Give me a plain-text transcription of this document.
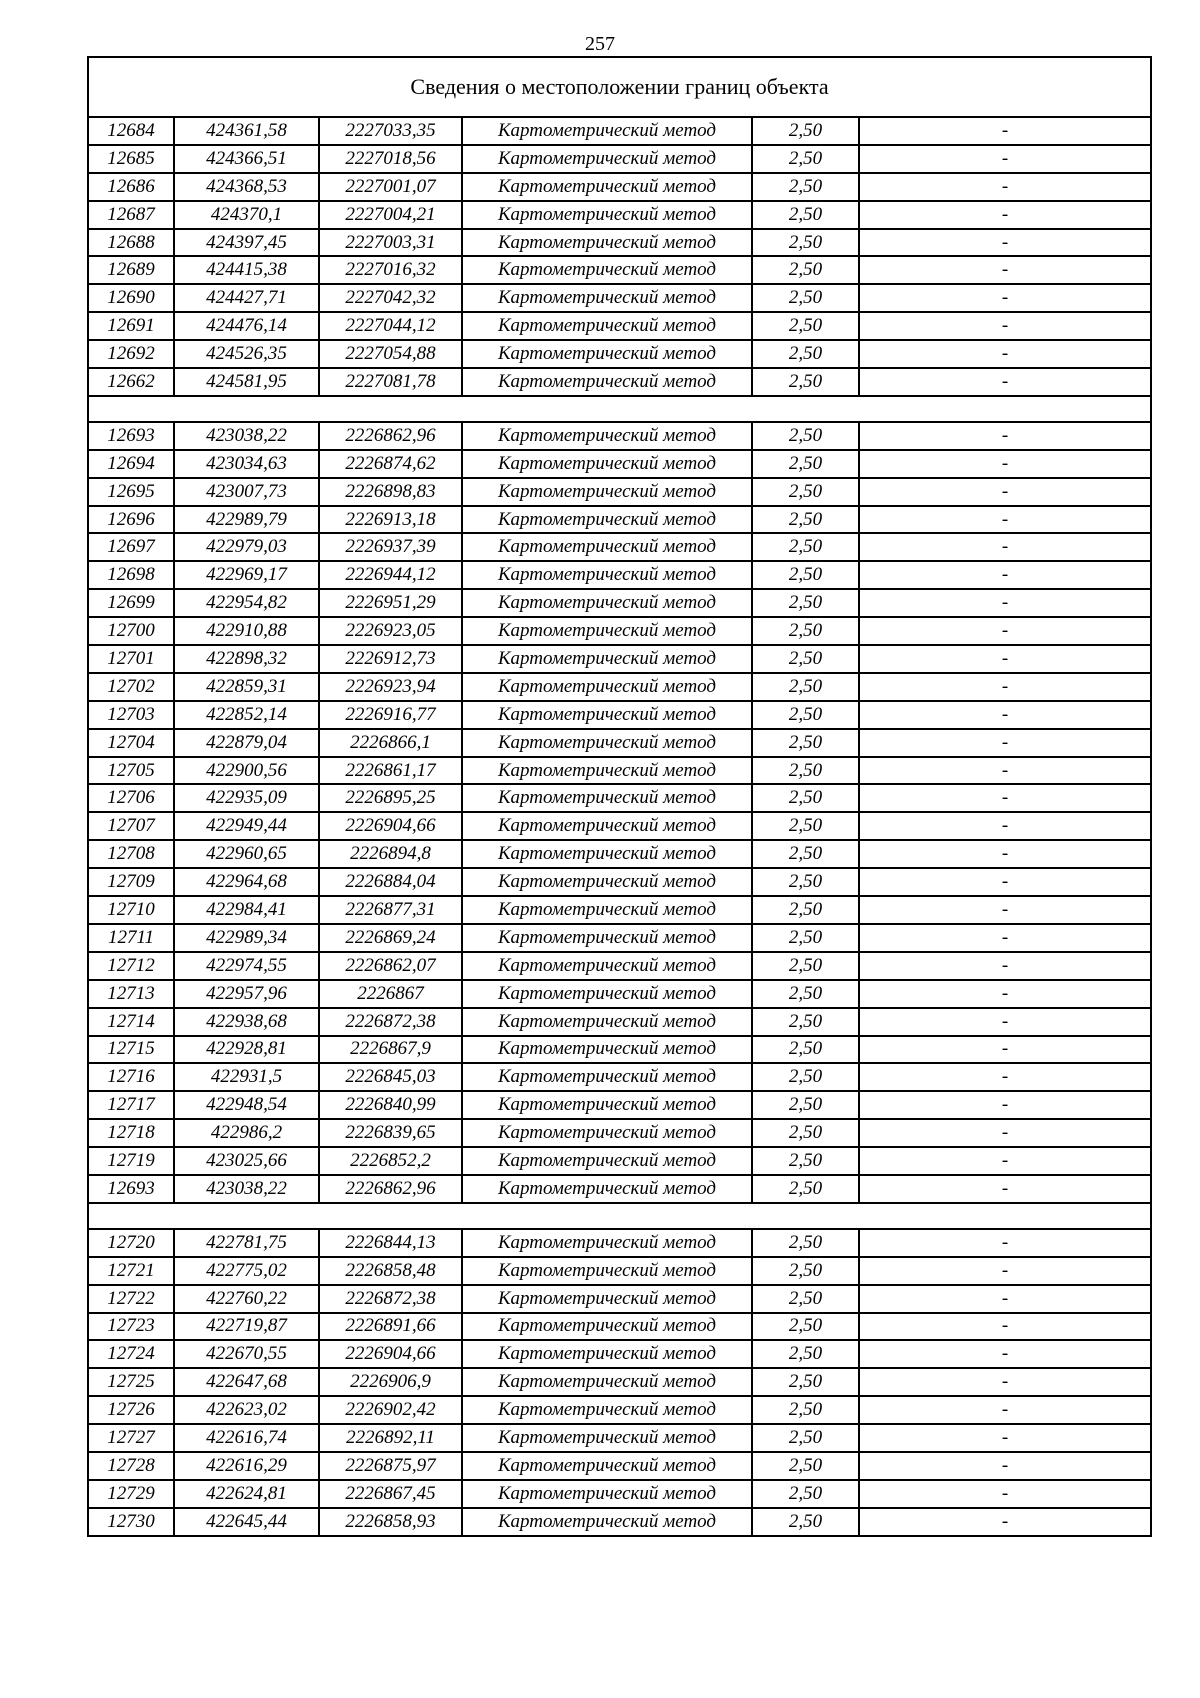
257
Сведения о местоположении границ объекта					
12684	424361,58	2227033,35	Картометрический метод	2,50	-
12685	424366,51	2227018,56	Картометрический метод	2,50	-
12686	424368,53	2227001,07	Картометрический метод	2,50	-
12687	424370,1	2227004,21	Картометрический метод	2,50	-
12688	424397,45	2227003,31	Картометрический метод	2,50	-
12689	424415,38	2227016,32	Картометрический метод	2,50	-
12690	424427,71	2227042,32	Картометрический метод	2,50	-
12691	424476,14	2227044,12	Картометрический метод	2,50	-
12692	424526,35	2227054,88	Картометрический метод	2,50	-
12662	424581,95	2227081,78	Картометрический метод	2,50	-

12693	423038,22	2226862,96	Картометрический метод	2,50	-
12694	423034,63	2226874,62	Картометрический метод	2,50	-
12695	423007,73	2226898,83	Картометрический метод	2,50	-
12696	422989,79	2226913,18	Картометрический метод	2,50	-
12697	422979,03	2226937,39	Картометрический метод	2,50	-
12698	422969,17	2226944,12	Картометрический метод	2,50	-
12699	422954,82	2226951,29	Картометрический метод	2,50	-
12700	422910,88	2226923,05	Картометрический метод	2,50	-
12701	422898,32	2226912,73	Картометрический метод	2,50	-
12702	422859,31	2226923,94	Картометрический метод	2,50	-
12703	422852,14	2226916,77	Картометрический метод	2,50	-
12704	422879,04	2226866,1	Картометрический метод	2,50	-
12705	422900,56	2226861,17	Картометрический метод	2,50	-
12706	422935,09	2226895,25	Картометрический метод	2,50	-
12707	422949,44	2226904,66	Картометрический метод	2,50	-
12708	422960,65	2226894,8	Картометрический метод	2,50	-
12709	422964,68	2226884,04	Картометрический метод	2,50	-
12710	422984,41	2226877,31	Картометрический метод	2,50	-
12711	422989,34	2226869,24	Картометрический метод	2,50	-
12712	422974,55	2226862,07	Картометрический метод	2,50	-
12713	422957,96	2226867	Картометрический метод	2,50	-
12714	422938,68	2226872,38	Картометрический метод	2,50	-
12715	422928,81	2226867,9	Картометрический метод	2,50	-
12716	422931,5	2226845,03	Картометрический метод	2,50	-
12717	422948,54	2226840,99	Картометрический метод	2,50	-
12718	422986,2	2226839,65	Картометрический метод	2,50	-
12719	423025,66	2226852,2	Картометрический метод	2,50	-
12693	423038,22	2226862,96	Картометрический метод	2,50	-

12720	422781,75	2226844,13	Картометрический метод	2,50	-
12721	422775,02	2226858,48	Картометрический метод	2,50	-
12722	422760,22	2226872,38	Картометрический метод	2,50	-
12723	422719,87	2226891,66	Картометрический метод	2,50	-
12724	422670,55	2226904,66	Картометрический метод	2,50	-
12725	422647,68	2226906,9	Картометрический метод	2,50	-
12726	422623,02	2226902,42	Картометрический метод	2,50	-
12727	422616,74	2226892,11	Картометрический метод	2,50	-
12728	422616,29	2226875,97	Картометрический метод	2,50	-
12729	422624,81	2226867,45	Картометрический метод	2,50	-
12730	422645,44	2226858,93	Картометрический метод	2,50	-
